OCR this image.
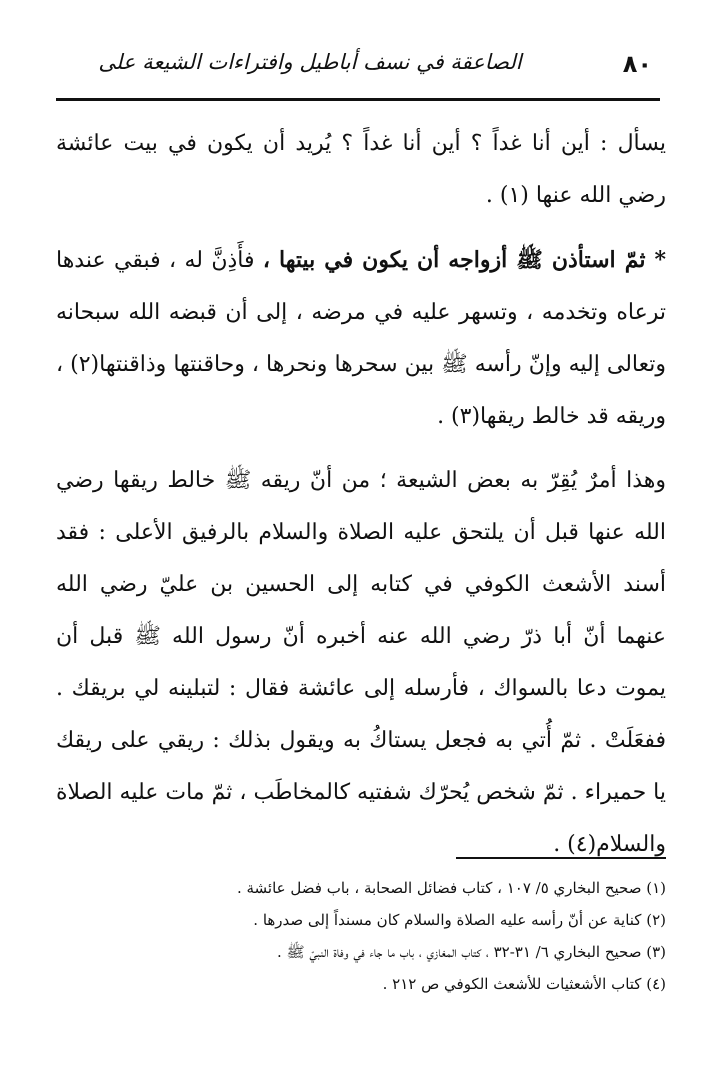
٨٠
الصاعقة في نسف أباطيل وافتراءات الشيعة على

يسأل : أين أنا غداً ؟ أين أنا غداً ؟ يُريد أن يكون في بيت عائشة رضي الله عنها (١) .

* ثمّ استأذن ﷺ أزواجه أن يكون في بيتها ، فأَذِنَّ له ، فبقي عندها ترعاه وتخدمه ، وتسهر عليه في مرضه ، إلى أن قبضه الله سبحانه وتعالى إليه وإنّ رأسه ﷺ بين سحرها ونحرها ، وحاقنتها وذاقنتها(٢) ، وريقه قد خالط ريقها(٣) .

وهذا أمرٌ يُقِرّ به بعض الشيعة ؛ من أنّ ريقه ﷺ خالط ريقها رضي الله عنها قبل أن يلتحق عليه الصلاة والسلام بالرفيق الأعلى : فقد أسند الأشعث الكوفي في كتابه إلى الحسين بن عليّ رضي الله عنهما أنّ أبا ذرّ رضي الله عنه أخبره أنّ رسول الله ﷺ قبل أن يموت دعا بالسواك ، فأرسله إلى عائشة فقال : لتبلينه لي بريقك . ففعَلَتْ . ثمّ أُتي به فجعل يستاكُ به ويقول بذلك : ريقي على ريقك يا حميراء . ثمّ شخص يُحرّك شفتيه كالمخاطَب ، ثمّ مات عليه الصلاة والسلام(٤) .

(١) صحيح البخاري ٥/ ١٠٧ ، كتاب فضائل الصحابة ، باب فضل عائشة .
(٢) كناية عن أنّ رأسه عليه الصلاة والسلام كان مسنداً إلى صدرها .
(٣) صحيح البخاري ٦/ ٣١-٣٢ ، كتاب المغازي ، باب ما جاء في وفاة النبيّ ﷺ .
(٤) كتاب الأشعثيات للأشعث الكوفي ص ٢١٢ .
